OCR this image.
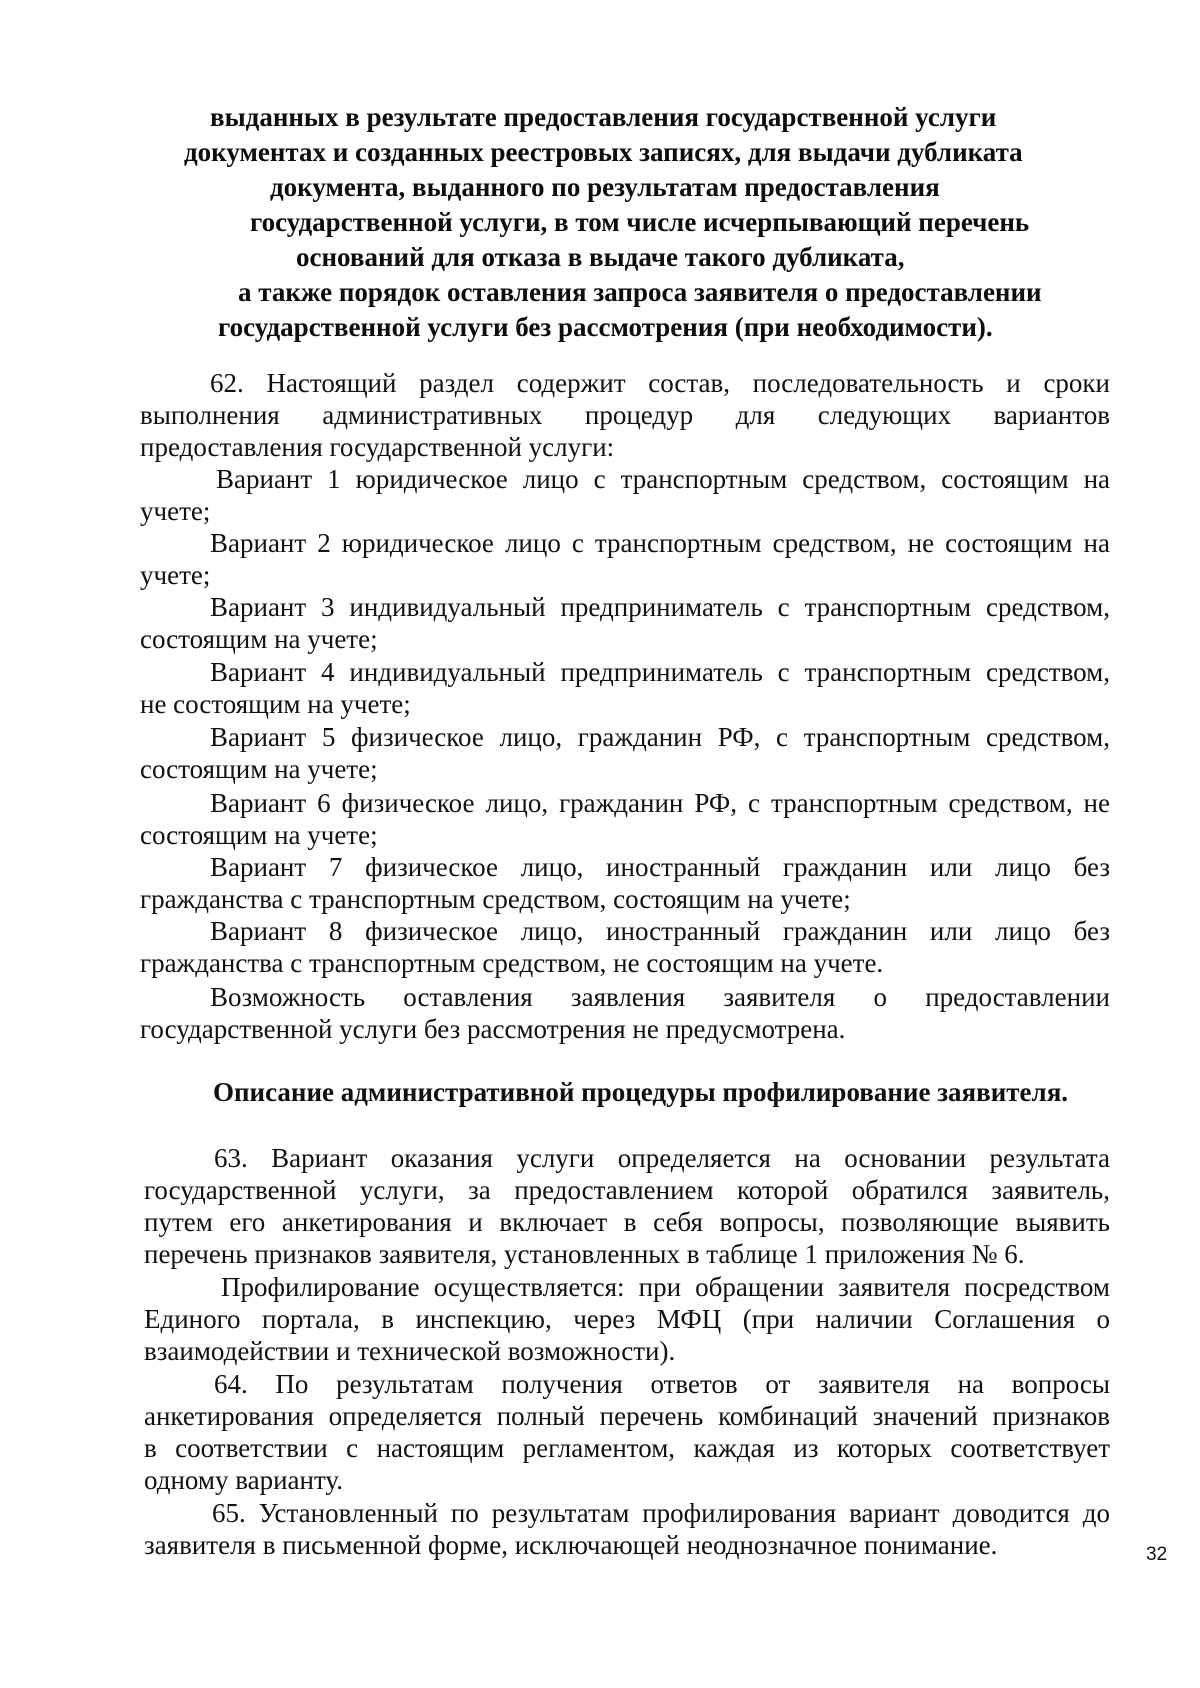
выданных в результате предоставления государственной услуги
документах и созданных реестровых записях, для выдачи дубликата
документа, выданного по результатам предоставления
государственной услуги, в том числе исчерпывающий перечень
оснований для отказа в выдаче такого дубликата,
а также порядок оставления запроса заявителя о предоставлении
государственной услуги без рассмотрения (при необходимости).
62. Настоящий раздел содержит состав, последовательность и сроки
выполнения административных процедур для следующих вариантов
предоставления государственной услуги:
Вариант 1 юридическое лицо с транспортным средством, состоящим на
учете;
Вариант 2 юридическое лицо с транспортным средством, не состоящим на
учете;
Вариант 3 индивидуальный предприниматель с транспортным средством,
состоящим на учете;
Вариант 4 индивидуальный предприниматель с транспортным средством,
не состоящим на учете;
Вариант 5 физическое лицо, гражданин РФ, с транспортным средством,
состоящим на учете;
Вариант 6 физическое лицо, гражданин РФ, с транспортным средством, не
состоящим на учете;
Вариант 7 физическое лицо, иностранный гражданин или лицо без
гражданства с транспортным средством, состоящим на учете;
Вариант 8 физическое лицо, иностранный гражданин или лицо без
гражданства с транспортным средством, не состоящим на учете.
Возможность оставления заявления заявителя о предоставлении
государственной услуги без рассмотрения не предусмотрена.
Описание административной процедуры профилирование заявителя.
63. Вариант оказания услуги определяется на основании результата
государственной услуги, за предоставлением которой обратился заявитель,
путем его анкетирования и включает в себя вопросы, позволяющие выявить
перечень признаков заявителя, установленных в таблице 1 приложения № 6.
Профилирование осуществляется: при обращении заявителя посредством
Единого портала, в инспекцию, через МФЦ (при наличии Соглашения о
взаимодействии и технической возможности).
64. По результатам получения ответов от заявителя на вопросы
анкетирования определяется полный перечень комбинаций значений признаков
в соответствии с настоящим регламентом, каждая из которых соответствует
одному варианту.
65. Установленный по результатам профилирования вариант доводится до
заявителя в письменной форме, исключающей неоднозначное понимание.	32
